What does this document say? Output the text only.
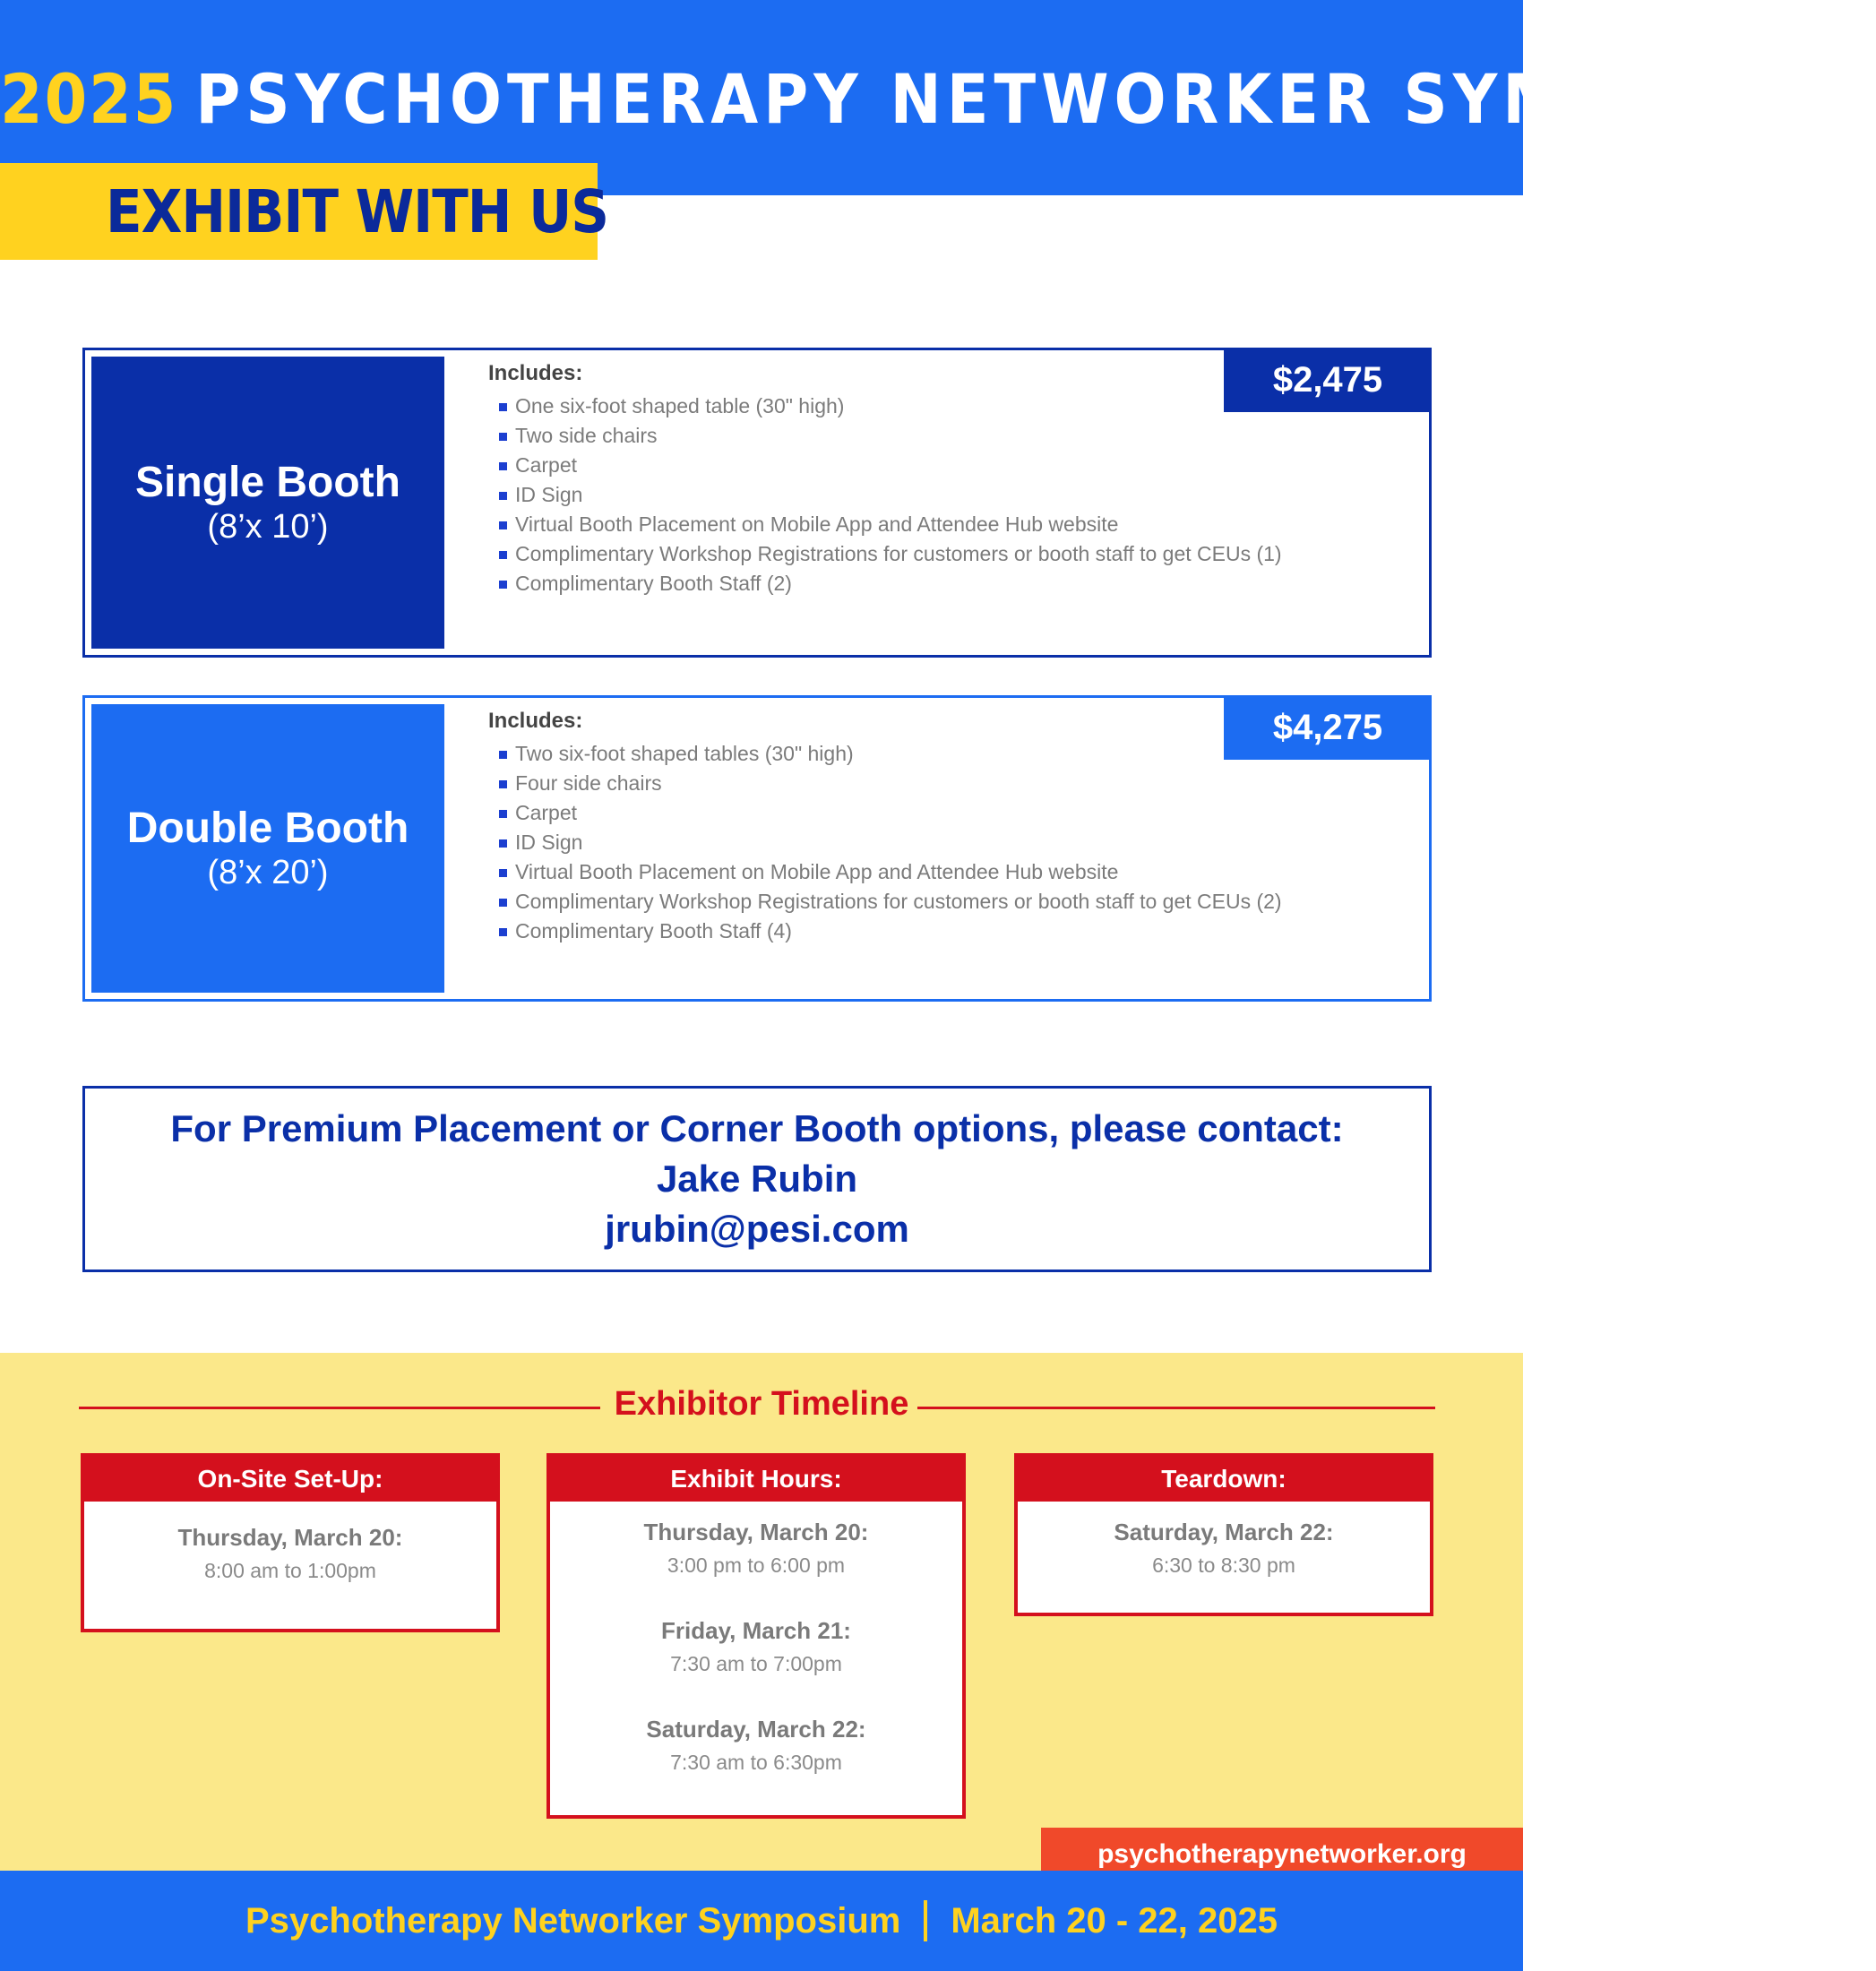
2025 PSYCHOTHERAPY NETWORKER SYMPOSIUM
EXHIBIT WITH US
Single Booth
(8’x 10’)
$2,475
Includes:
One six-foot shaped table (30" high)
Two side chairs
Carpet
ID Sign
Virtual Booth Placement on Mobile App and Attendee Hub website
Complimentary Workshop Registrations for customers or booth staff to get CEUs (1)
Complimentary Booth Staff (2)
Double Booth
(8’x 20’)
$4,275
Includes:
Two six-foot shaped tables (30" high)
Four side chairs
Carpet
ID Sign
Virtual Booth Placement on Mobile App and Attendee Hub website
Complimentary Workshop Registrations for customers or booth staff to get CEUs (2)
Complimentary Booth Staff (4)
For Premium Placement or Corner Booth options, please contact:
Jake Rubin
jrubin@pesi.com
Exhibitor Timeline
On-Site Set-Up:
Thursday, March 20:
8:00 am to 1:00pm
Exhibit Hours:
Thursday, March 20:
3:00 pm to 6:00 pm
Friday, March 21:
7:30 am to 7:00pm
Saturday, March 22:
7:30 am to 6:30pm
Teardown:
Saturday, March 22:
6:30 to 8:30 pm
psychotherapynetworker.org
Psychotherapy Networker Symposium March 20 - 22, 2025
